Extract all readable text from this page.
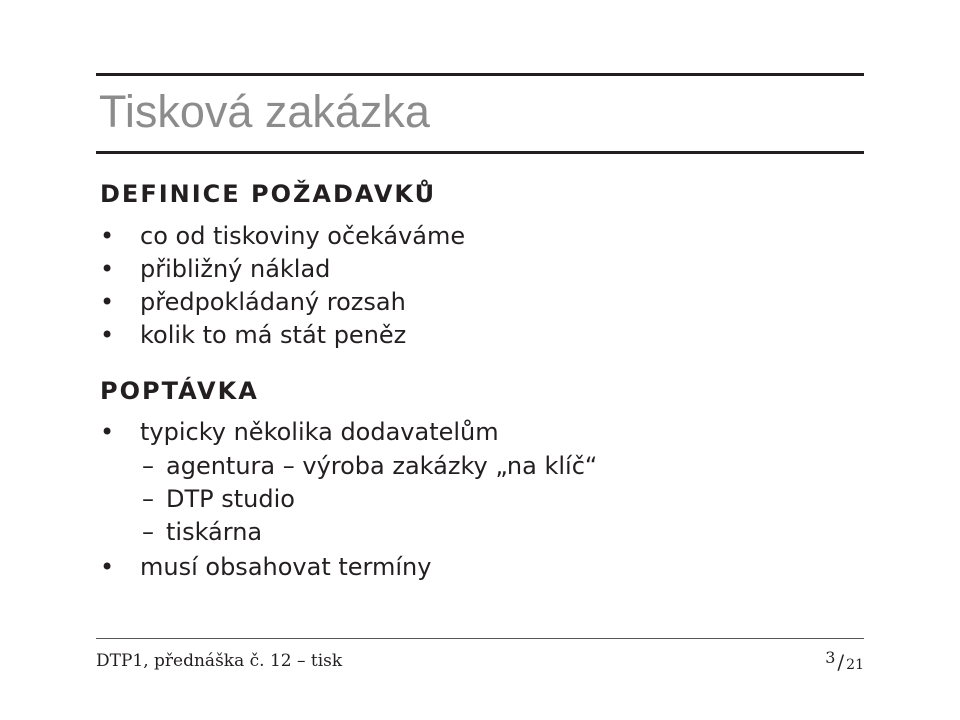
Tisková zakázka
DEFINICE POŽADAVKŮ
• co od tiskoviny očekáváme
• přibližný náklad
• předpokládaný rozsah
• kolik to má stát peněz
POPTÁVKA
• typicky několika dodavatelům
– agentura – výroba zakázky „na klíč“
– DTP studio
– tiskárna
• musí obsahovat termíny
DTP1, přednáška č. 12 – tisk	3 / 21
